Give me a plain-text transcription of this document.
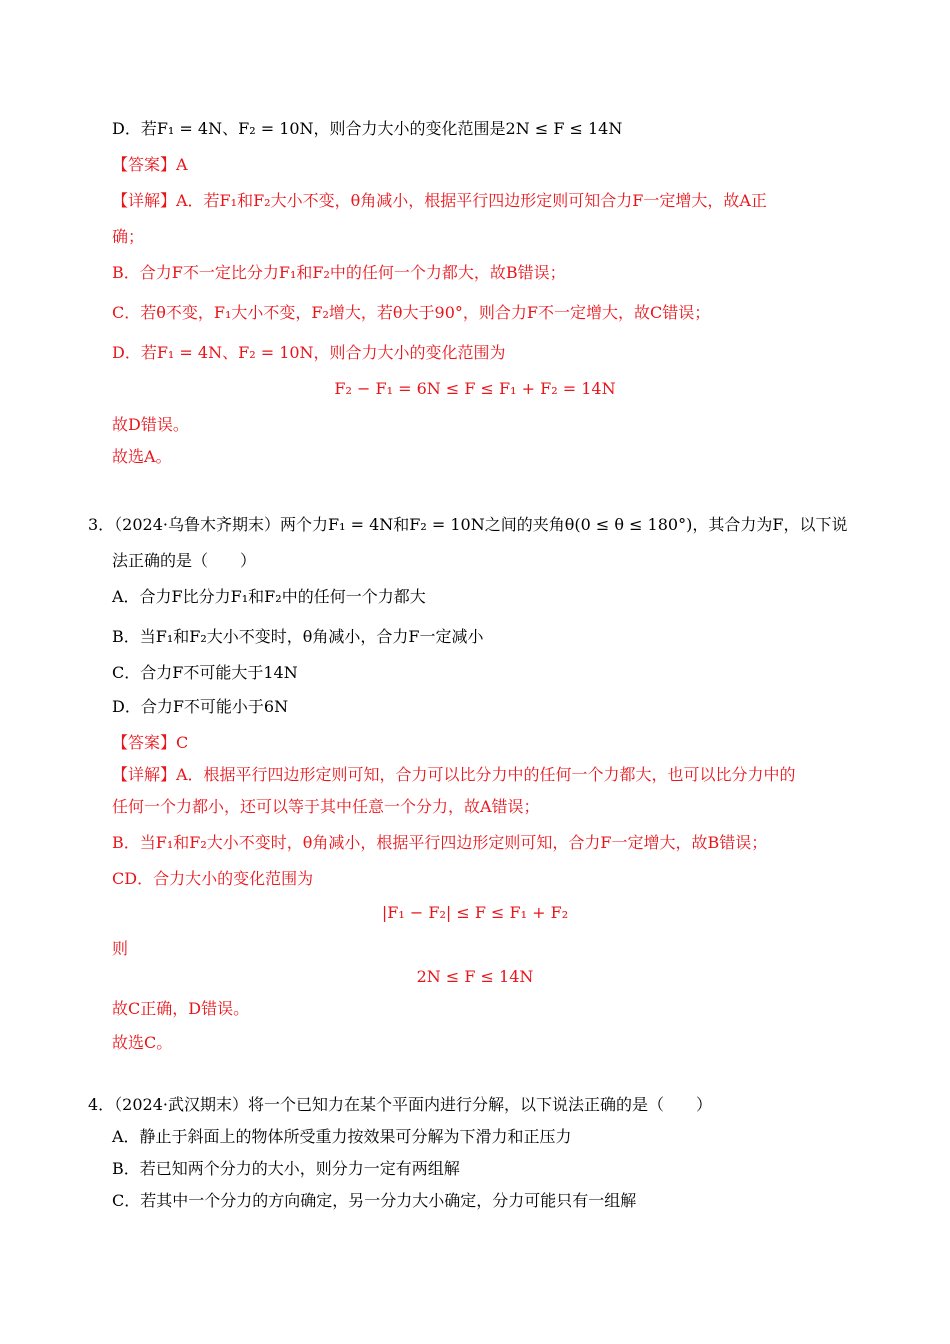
D．若F₁ = 4N、F₂ = 10N，则合力大小的变化范围是2N ≤ F ≤ 14N
【答案】A
【详解】A．若F₁和F₂大小不变，θ角减小，根据平行四边形定则可知合力F一定增大，故A正
确；
B．合力F不一定比分力F₁和F₂中的任何一个力都大，故B错误；
C．若θ不变，F₁大小不变，F₂增大，若θ大于90°，则合力F不一定增大，故C错误；
D．若F₁ = 4N、F₂ = 10N，则合力大小的变化范围为
F₂ − F₁ = 6N ≤ F ≤ F₁ + F₂ = 14N
故D错误。
故选A。
3．（2024·乌鲁木齐期末）两个力F₁ = 4N和F₂ = 10N之间的夹角θ(0 ≤ θ ≤ 180°)，其合力为F，以下说
法正确的是（　　）
A．合力F比分力F₁和F₂中的任何一个力都大
B．当F₁和F₂大小不变时，θ角减小，合力F一定减小
C．合力F不可能大于14N
D．合力F不可能小于6N
【答案】C
【详解】A．根据平行四边形定则可知，合力可以比分力中的任何一个力都大，也可以比分力中的
任何一个力都小，还可以等于其中任意一个分力，故A错误；
B．当F₁和F₂大小不变时，θ角减小，根据平行四边形定则可知，合力F一定增大，故B错误；
CD．合力大小的变化范围为
|F₁ − F₂| ≤ F ≤ F₁ + F₂
则
2N ≤ F ≤ 14N
故C正确，D错误。
故选C。
4．（2024·武汉期末）将一个已知力在某个平面内进行分解，以下说法正确的是（　　）
A．静止于斜面上的物体所受重力按效果可分解为下滑力和正压力
B．若已知两个分力的大小，则分力一定有两组解
C．若其中一个分力的方向确定，另一分力大小确定，分力可能只有一组解
